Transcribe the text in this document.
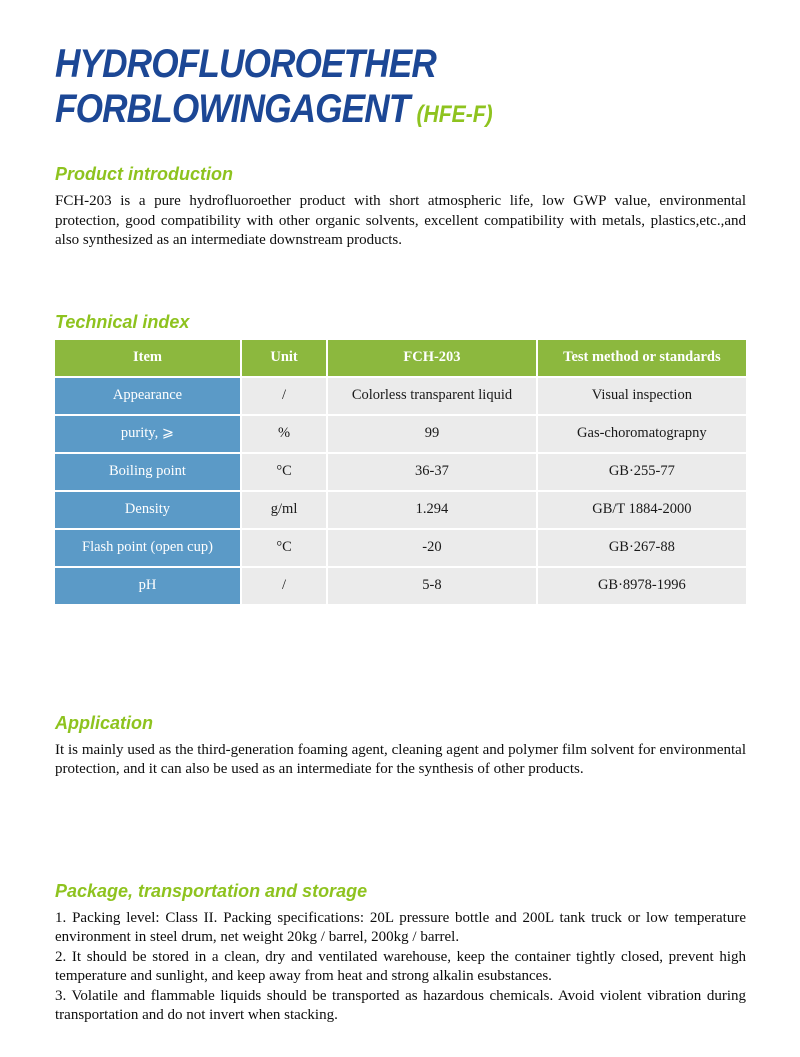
HYDROFLUOROETHER
FORBLOWINGAGENT (HFE-F)
Product introduction

FCH-203 is a pure hydrofluoroether product with short atmospheric life, low GWP value, environmental protection, good compatibility with other organic solvents, excellent compatibility with metals, plastics,etc.,and also synthesized as an intermediate downstream products.

Technical index
Item	Unit	FCH-203	Test method or standards
Appearance	/	Colorless transparent liquid	Visual inspection
purity, ⩾	%	99	Gas-choromatograpny
Boiling point	°C	36-37	GB·255-77
Density	g/ml	1.294	GB/T 1884-2000
Flash point (open cup)	°C	-20	GB·267-88
pH	/	5-8	GB·8978-1996
Application

It is mainly used as the third-generation foaming agent, cleaning agent and polymer film solvent for environmental protection, and it can also be used as an intermediate for the synthesis of other products.

Package, transportation and storage

1. Packing level: Class II. Packing specifications: 20L pressure bottle and 200L tank truck or low temperature environment in steel drum, net weight 20kg / barrel, 200kg / barrel.

2. It should be stored in a clean, dry and ventilated warehouse, keep the container tightly closed, prevent high temperature and sunlight, and keep away from heat and strong alkalin esubstances.

3. Volatile and flammable liquids should be transported as hazardous chemicals. Avoid violent vibration during transportation and do not invert when stacking.
